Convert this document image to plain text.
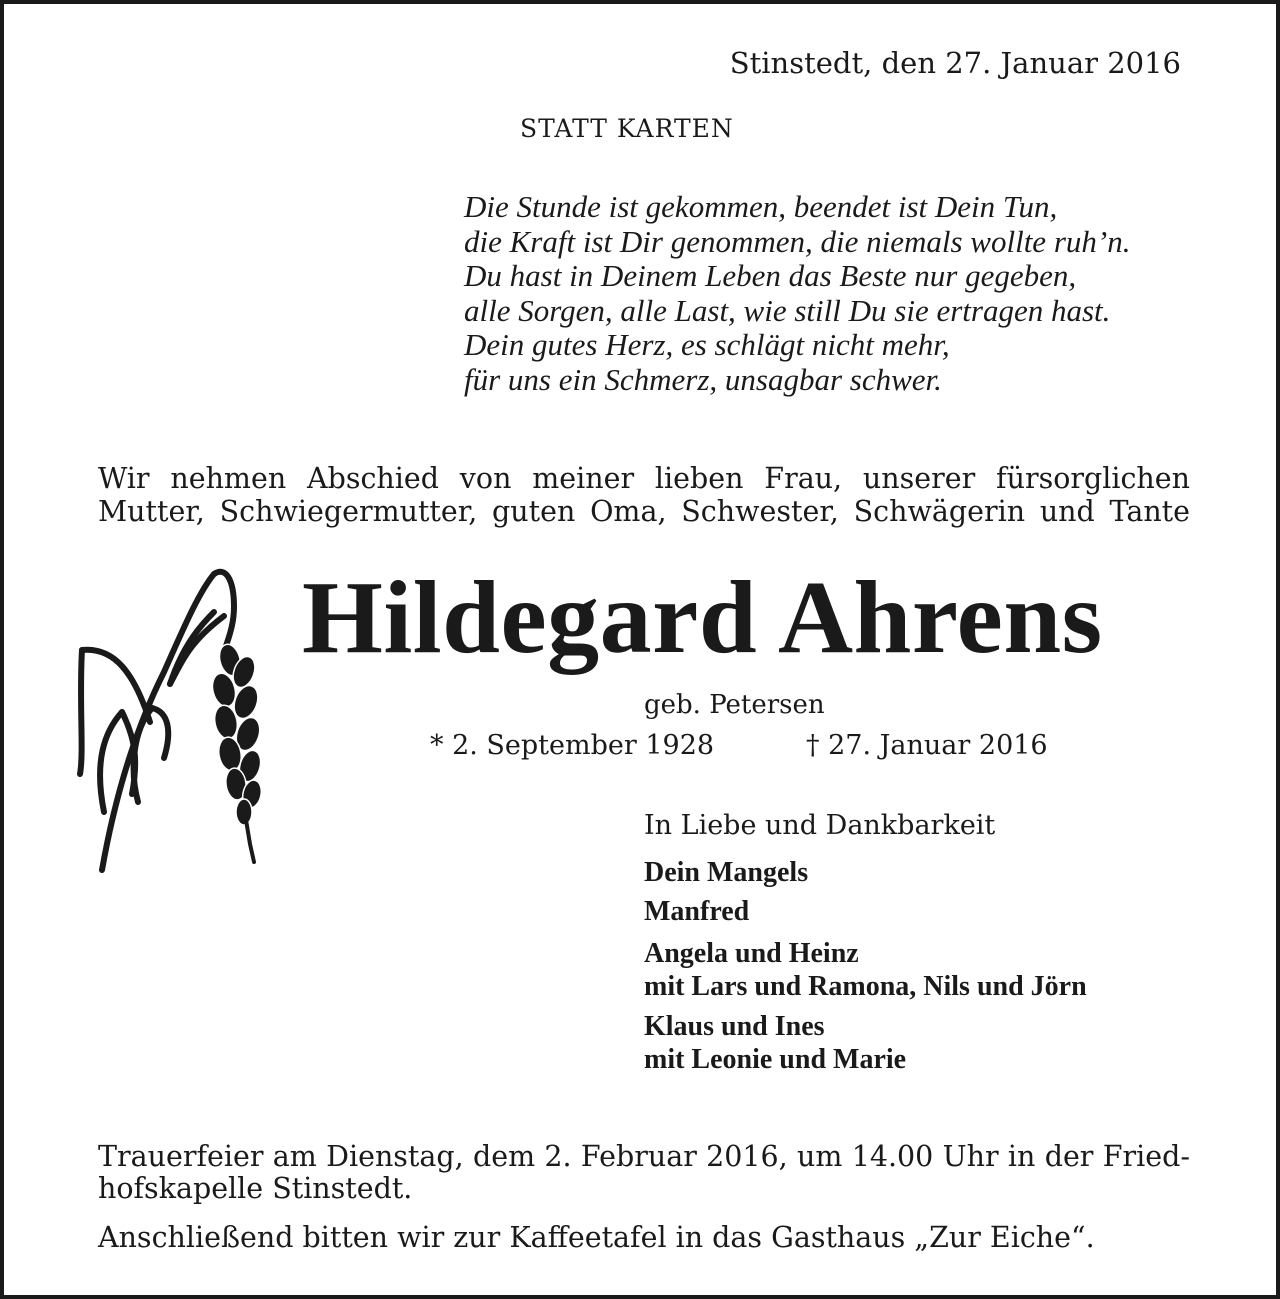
Stinstedt, den 27. Januar 2016

STATT KARTEN

Die Stunde ist gekommen, beendet ist Dein Tun,
die Kraft ist Dir genommen, die niemals wollte ruh’n.
Du hast in Deinem Leben das Beste nur gegeben,
alle Sorgen, alle Last, wie still Du sie ertragen hast.
Dein gutes Herz, es schlägt nicht mehr,
für uns ein Schmerz, unsagbar schwer.
Wir nehmen Abschied von meiner lieben Frau, unserer fürsorglichen
Mutter, Schwiegermutter, guten Oma, Schwester, Schwägerin und Tante
Hildegard Ahrens

geb. Petersen

* 2. September 1928	† 27. Januar 2016

In Liebe und Dankbarkeit

Dein Mangels
Manfred
Angela und Heinz
mit Lars und Ramona, Nils und Jörn
Klaus und Ines
mit Leonie und Marie
Trauerfeier am Dienstag, dem 2. Februar 2016, um 14.00 Uhr in der Fried-
hofskapelle Stinstedt.

Anschließend bitten wir zur Kaffeetafel in das Gasthaus „Zur Eiche“.
